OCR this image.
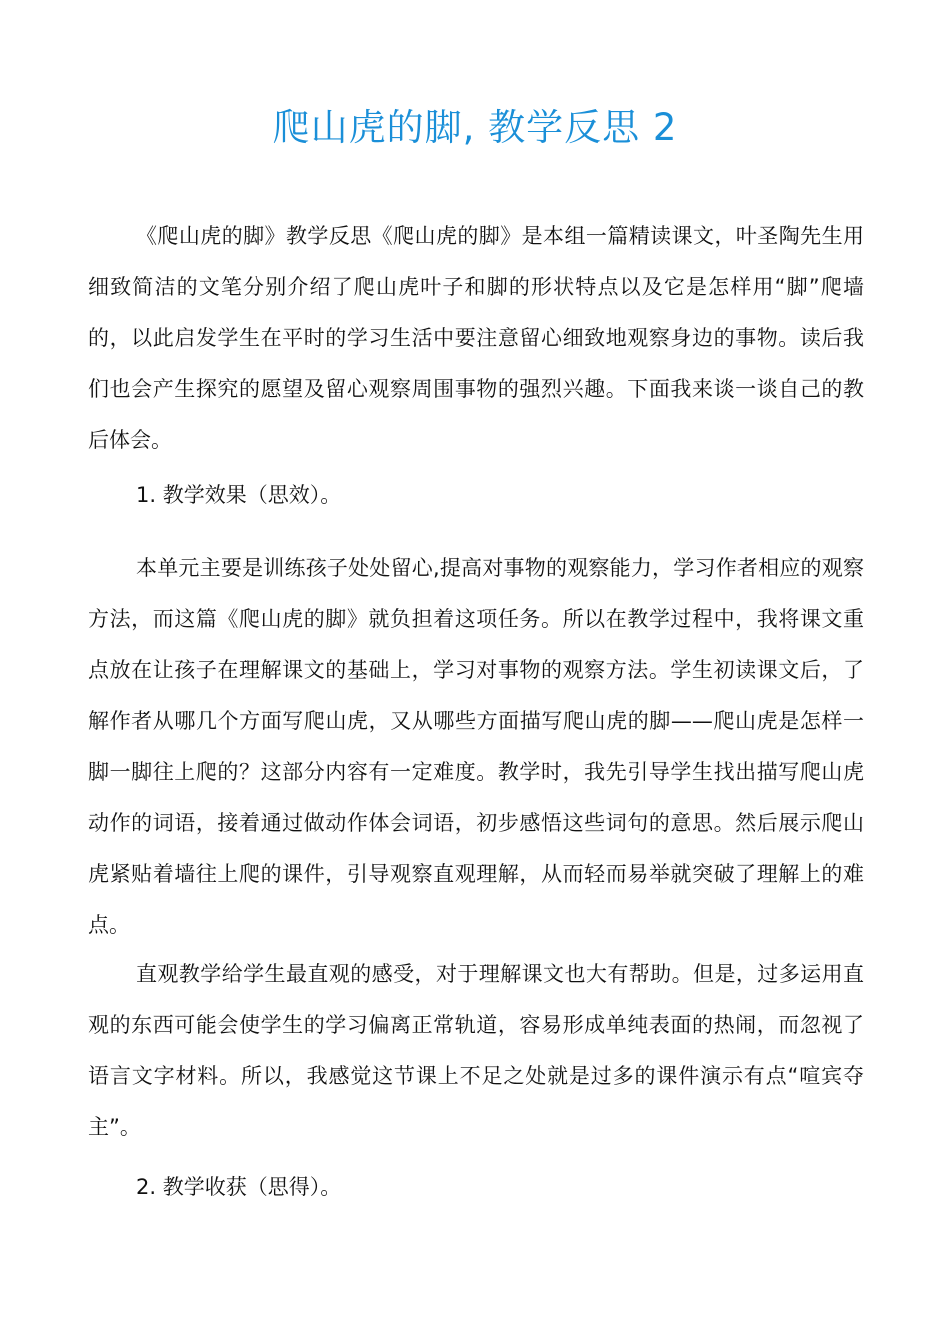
爬山虎的脚, 教学反思 2

《爬山虎的脚》教学反思《爬山虎的脚》是本组一篇精读课文，叶圣陶先生用细致简洁的文笔分别介绍了爬山虎叶子和脚的形状特点以及它是怎样用“脚”爬墙的，以此启发学生在平时的学习生活中要注意留心细致地观察身边的事物。读后我们也会产生探究的愿望及留心观察周围事物的强烈兴趣。下面我来谈一谈自己的教后体会。

1. 教学效果（思效）。

本单元主要是训练孩子处处留心,提高对事物的观察能力，学习作者相应的观察方法，而这篇《爬山虎的脚》就负担着这项任务。所以在教学过程中，我将课文重点放在让孩子在理解课文的基础上，学习对事物的观察方法。学生初读课文后，了解作者从哪几个方面写爬山虎，又从哪些方面描写爬山虎的脚——爬山虎是怎样一脚一脚往上爬的？这部分内容有一定难度。教学时，我先引导学生找出描写爬山虎动作的词语，接着通过做动作体会词语，初步感悟这些词句的意思。然后展示爬山虎紧贴着墙往上爬的课件，引导观察直观理解，从而轻而易举就突破了理解上的难点。

直观教学给学生最直观的感受，对于理解课文也大有帮助。但是，过多运用直观的东西可能会使学生的学习偏离正常轨道，容易形成单纯表面的热闹，而忽视了语言文字材料。所以，我感觉这节课上不足之处就是过多的课件演示有点“喧宾夺主”。

2. 教学收获（思得）。
